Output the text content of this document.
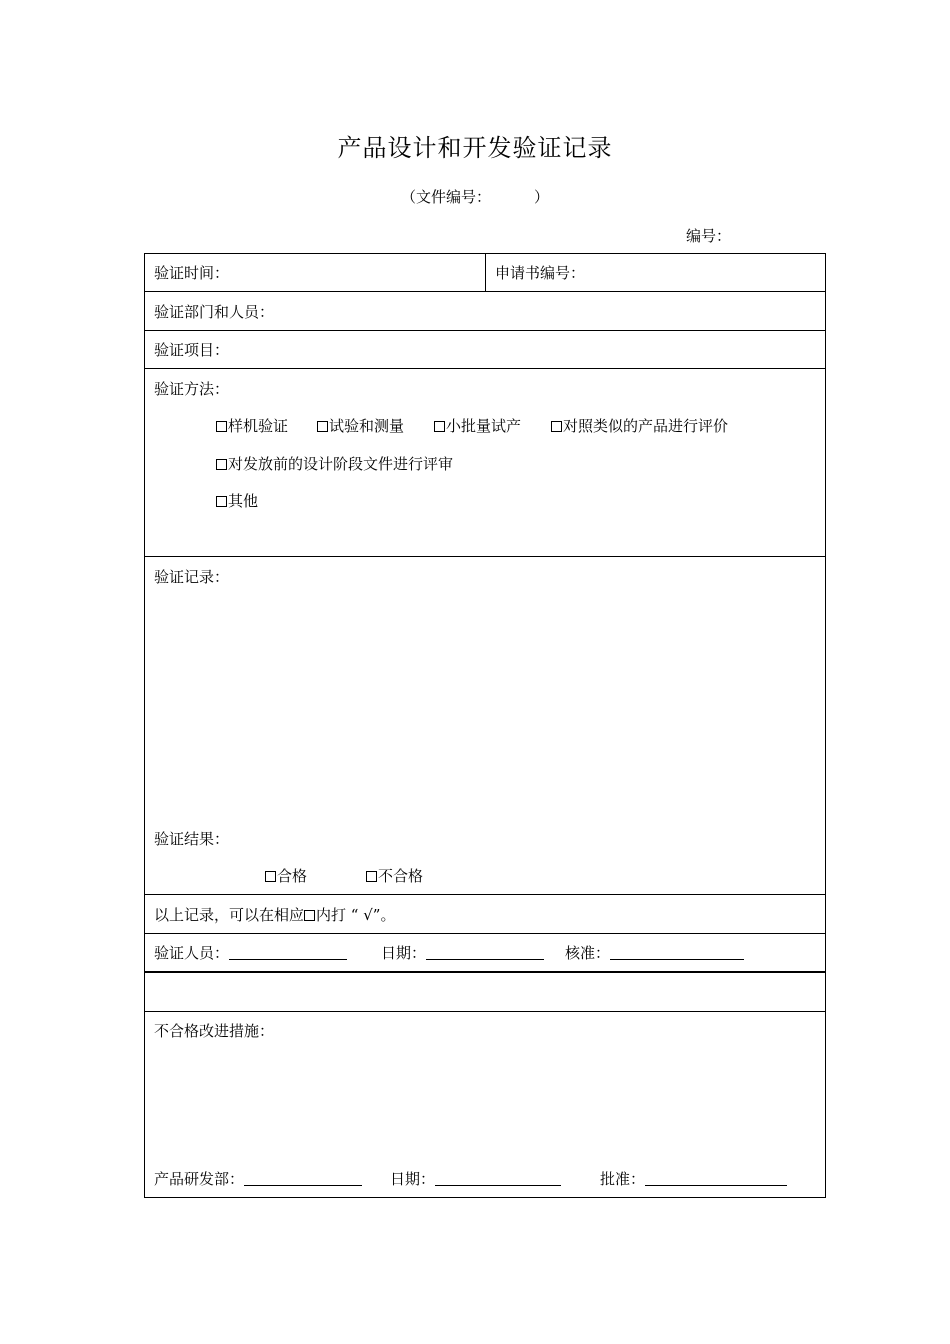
产品设计和开发验证记录
（文件编号：         ）
编号：
验证时间：	申请书编号：
验证部门和人员：
验证项目：
验证方法：
样机验证	试验和测量	小批量试产	对照类似的产品进行评价
对发放前的设计阶段文件进行评审
其他
验证记录：
验证结果：
合格	不合格
以上记录，可以在相应 内打 “ √”。
验证人员：	日期：	核准：
不合格改进措施：
产品研发部：	日期：	批准：
